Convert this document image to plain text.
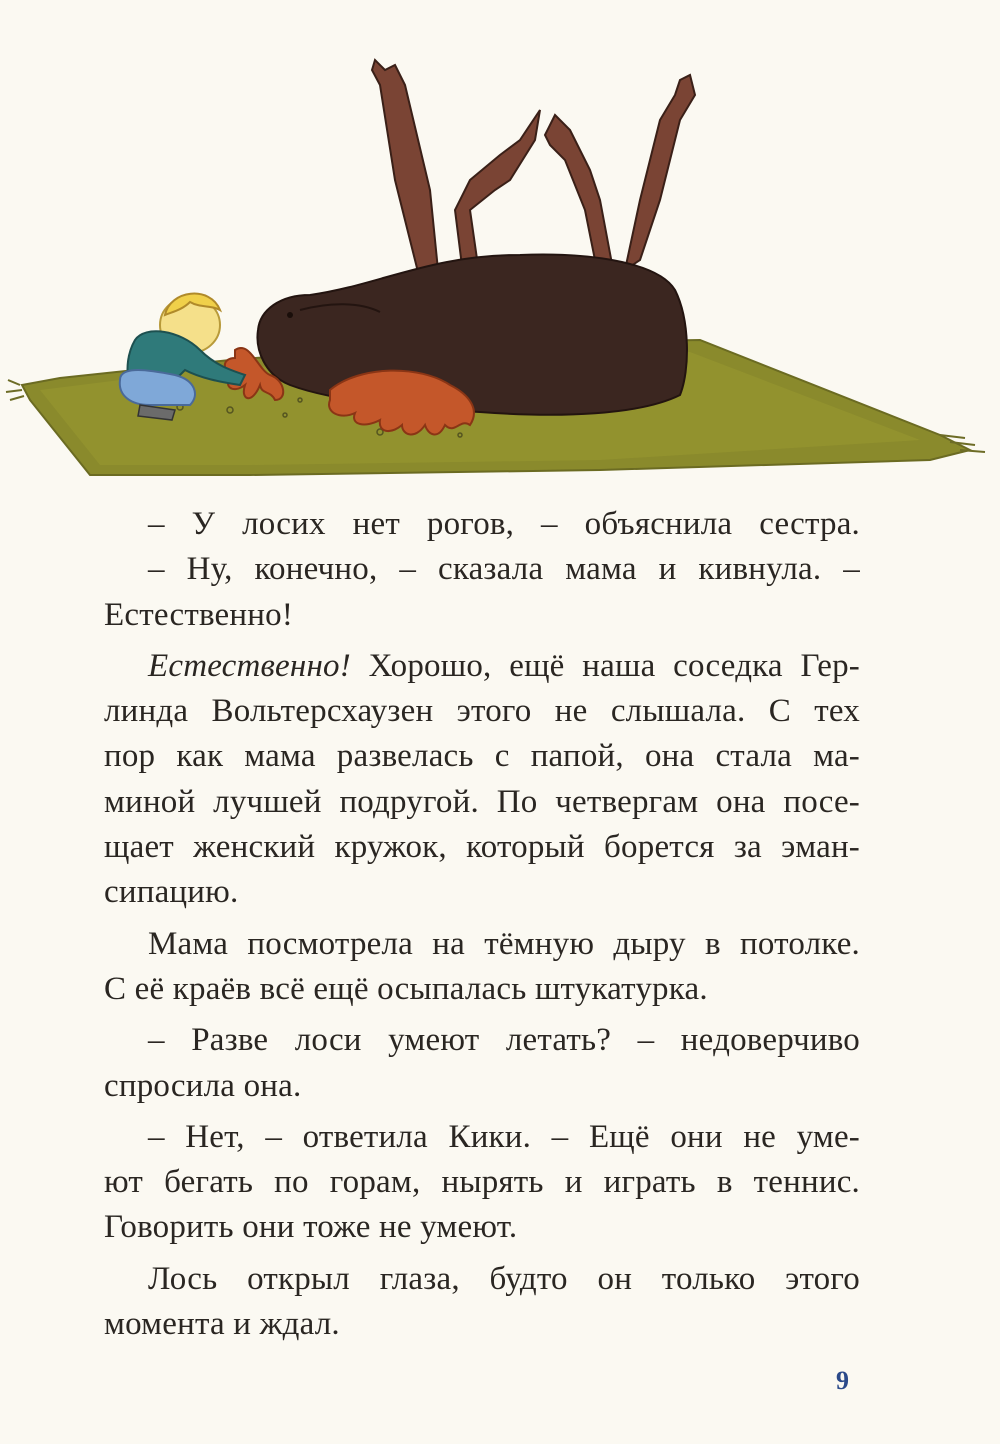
– У лосих нет рогов, – объяснила сестра.
– Ну, конечно, – сказала мама и кивнула. –
Естественно!
Естественно! Хорошо, ещё наша соседка Гер-
линда Вольтерсхаузен этого не слышала. С тех
пор как мама развелась с папой, она стала ма-
миной лучшей подругой. По четвергам она посе-
щает женский кружок, который борется за эман-
сипацию.
Мама посмотрела на тёмную дыру в потолке.
С её краёв всё ещё осыпалась штукатурка.
– Разве лоси умеют летать? – недоверчиво
спросила она.
– Нет, – ответила Кики. – Ещё они не уме-
ют бегать по горам, нырять и играть в теннис.
Говорить они тоже не умеют.
Лось открыл глаза, будто он только этого
момента и ждал.
9
